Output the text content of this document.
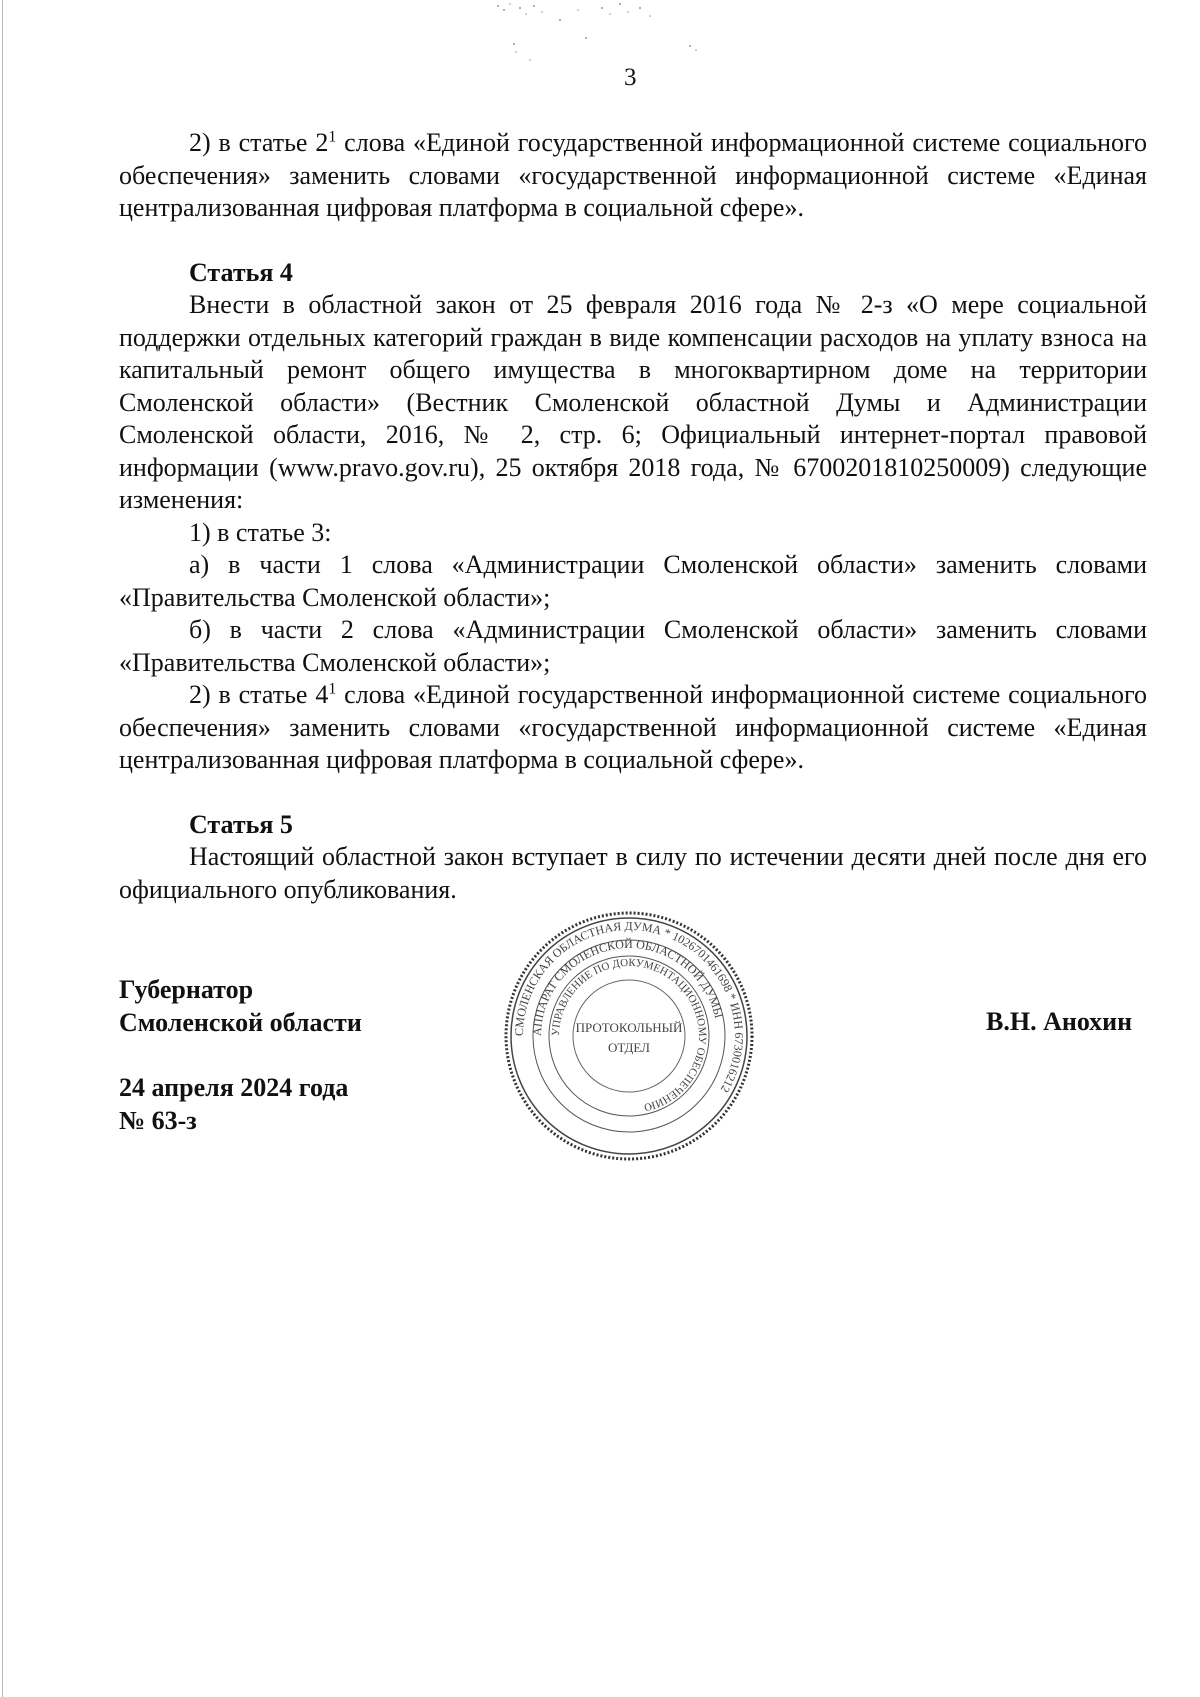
3

2) в статье $2^1$ слова «Единой государственной информационной системе социального обеспечения» заменить словами «государственной информационной системе «Единая централизованная цифровая платформа в социальной сфере».

Статья 4

Внести в областной закон от 25 февраля 2016 года № 2-з «О мере социальной поддержки отдельных категорий граждан в виде компенсации расходов на уплату взноса на капитальный ремонт общего имущества в многоквартирном доме на территории Смоленской области» (Вестник Смоленской областной Думы и Администрации Смоленской области, 2016, № 2, стр. 6; Официальный интернет-портал правовой информации (www.pravo.gov.ru), 25 октября 2018 года, № 6700201810250009) следующие изменения:

1) в статье 3:

а) в части 1 слова «Администрации Смоленской области» заменить словами «Правительства Смоленской области»;

б) в части 2 слова «Администрации Смоленской области» заменить словами «Правительства Смоленской области»;

2) в статье $4^1$ слова «Единой государственной информационной системе социального обеспечения» заменить словами «государственной информационной системе «Единая централизованная цифровая платформа в социальной сфере».

Статья 5

Настоящий областной закон вступает в силу по истечении десяти дней после дня его официального опубликования.

Губернатор
Смоленской области
24 апреля 2024 года
№ 63-з
В.Н. Анохин
СМОЛЕНСКАЯ ОБЛАСТНАЯ ДУМА * 1026701461698 * ИНН 6730016212
АППАРАТ СМОЛЕНСКОЙ ОБЛАСТНОЙ ДУМЫ
УПРАВЛЕНИЕ ПО ДОКУМЕНТАЦИОННОМУ ОБЕСПЕЧЕНИЮ
ПРОТОКОЛЬНЫЙ
ОТДЕЛ
